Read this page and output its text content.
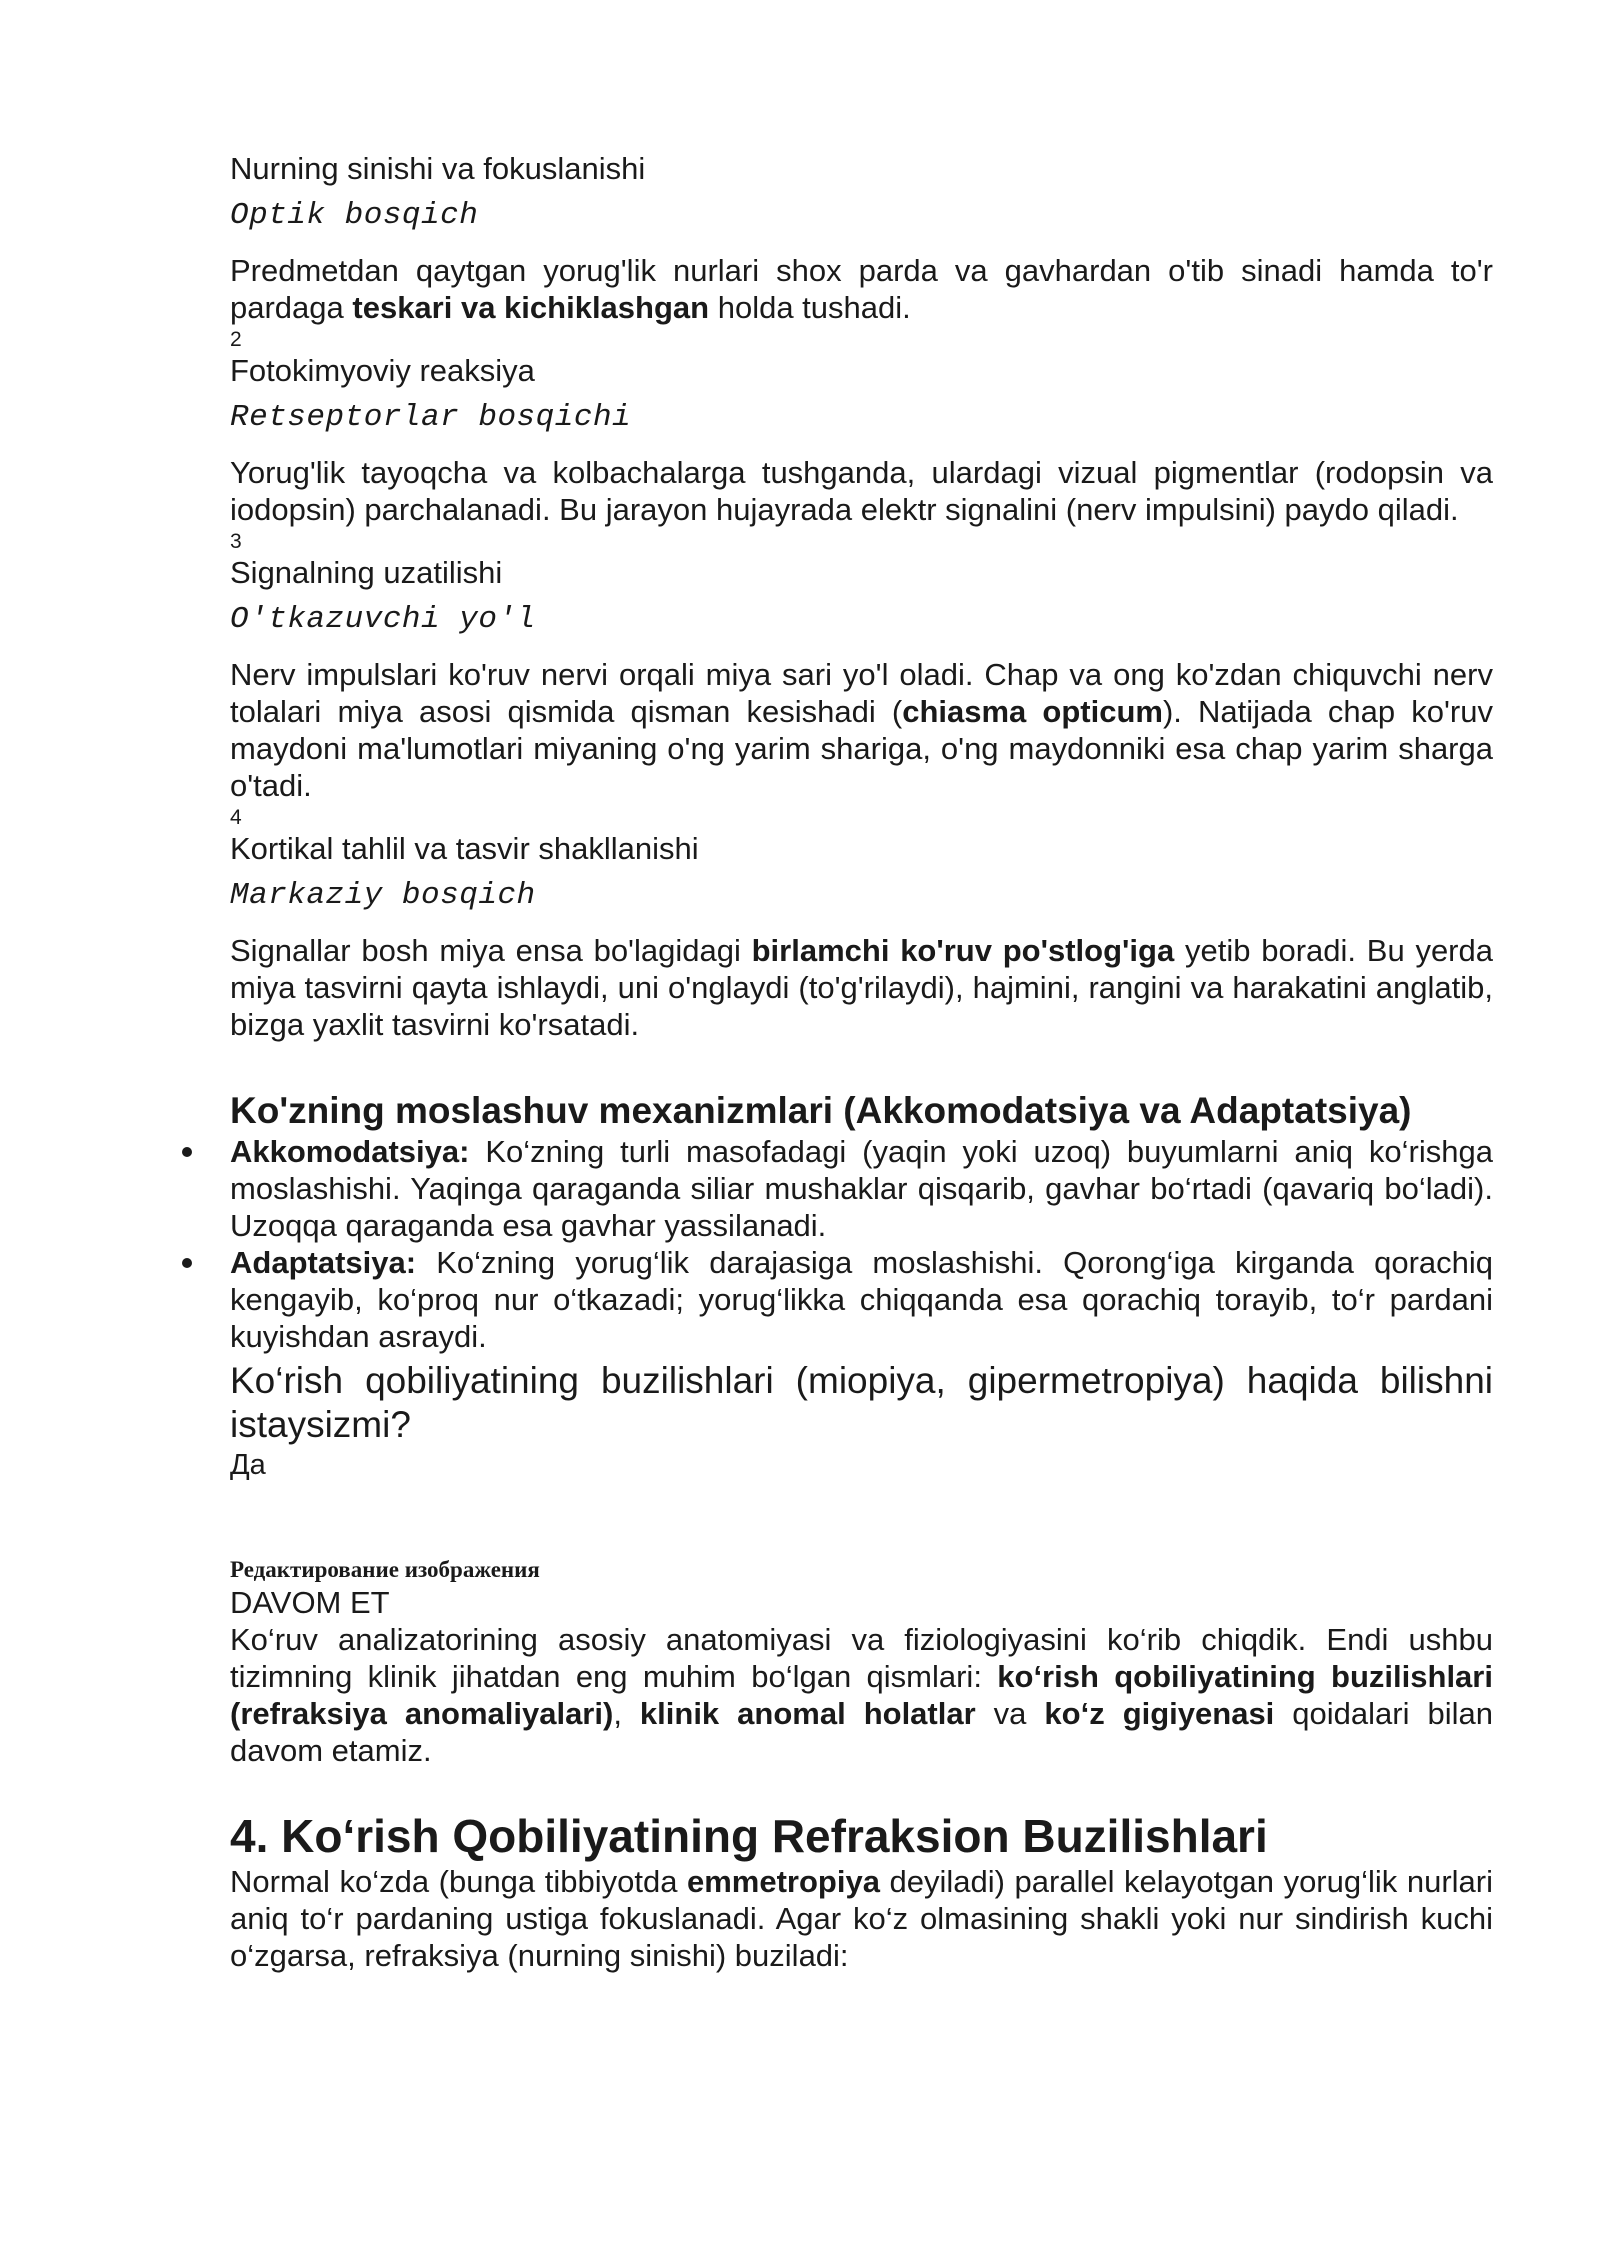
Nurning sinishi va fokuslanishi

Optik bosqich

Predmetdan qaytgan yorug'lik nurlari shox parda va gavhardan o'tib sinadi hamda to'r pardaga teskari va kichiklashgan holda tushadi.

2

Fotokimyoviy reaksiya

Retseptorlar bosqichi

Yorug'lik tayoqcha va kolbachalarga tushganda, ulardagi vizual pigmentlar (rodopsin va iodopsin) parchalanadi. Bu jarayon hujayrada elektr signalini (nerv impulsini) paydo qiladi.

3

Signalning uzatilishi

O'tkazuvchi yo'l

Nerv impulslari ko'ruv nervi orqali miya sari yo'l oladi. Chap va ong ko'zdan chiquvchi nerv tolalari miya asosi qismida qisman kesishadi (chiasma opticum). Natijada chap ko'ruv maydoni ma'lumotlari miyaning o'ng yarim shariga, o'ng maydonniki esa chap yarim sharga o'tadi.

4

Kortikal tahlil va tasvir shakllanishi

Markaziy bosqich

Signallar bosh miya ensa bo'lagidagi birlamchi ko'ruv po'stlog'iga yetib boradi. Bu yerda miya tasvirni qayta ishlaydi, uni o'nglaydi (to'g'rilaydi), hajmini, rangini va harakatini anglatib, bizga yaxlit tasvirni ko'rsatadi.

Ko'zning moslashuv mexanizmlari (Akkomodatsiya va Adaptatsiya)

Akkomodatsiya: Ko‘zning turli masofadagi (yaqin yoki uzoq) buyumlarni aniq ko‘rishga moslashishi. Yaqinga qaraganda siliar mushaklar qisqarib, gavhar bo‘rtadi (qavariq bo‘ladi). Uzoqqa qaraganda esa gavhar yassilanadi.
Adaptatsiya: Ko‘zning yorug‘lik darajasiga moslashishi. Qorong‘iga kirganda qorachiq kengayib, ko‘proq nur o‘tkazadi; yorug‘likka chiqqanda esa qorachiq torayib, to‘r pardani kuyishdan asraydi.

Ko‘rish qobiliyatining buzilishlari (miopiya, gipermetropiya) haqida bilishni istaysizmi?

Да

Редактирование изображения

DAVOM ET

Ko‘ruv analizatorining asosiy anatomiyasi va fiziologiyasini ko‘rib chiqdik. Endi ushbu tizimning klinik jihatdan eng muhim bo‘lgan qismlari: ko‘rish qobiliyatining buzilishlari (refraksiya anomaliyalari), klinik anomal holatlar va ko‘z gigiyenasi qoidalari bilan davom etamiz.

4. Ko‘rish Qobiliyatining Refraksion Buzilishlari

Normal ko‘zda (bunga tibbiyotda emmetropiya deyiladi) parallel kelayotgan yorug‘lik nurlari aniq to‘r pardaning ustiga fokuslanadi. Agar ko‘z olmasining shakli yoki nur sindirish kuchi o‘zgarsa, refraksiya (nurning sinishi) buziladi:
